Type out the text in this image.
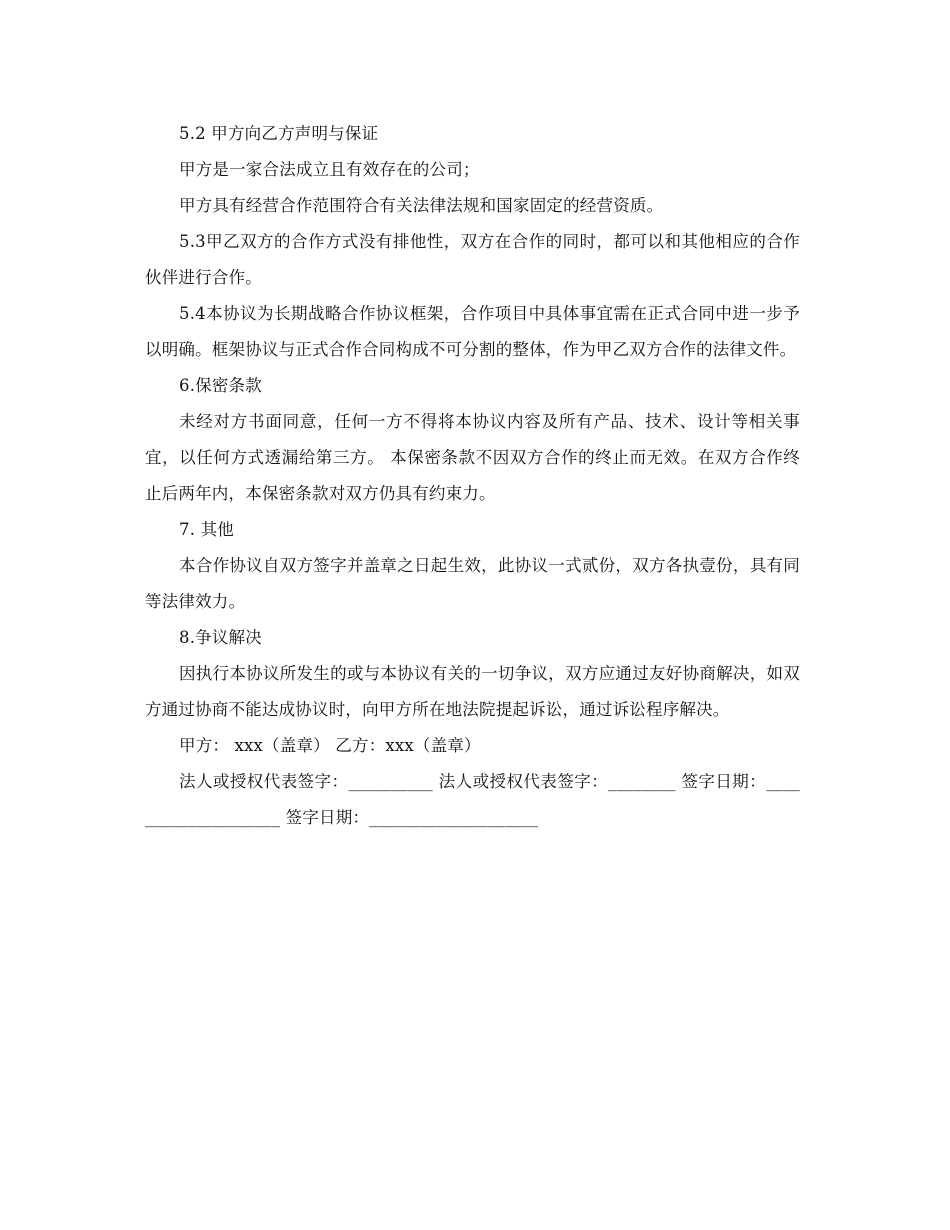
5.2 甲方向乙方声明与保证

甲方是一家合法成立且有效存在的公司；

甲方具有经营合作范围符合有关法律法规和国家固定的经营资质。

5.3甲乙双方的合作方式没有排他性，双方在合作的同时，都可以和其他相应的合作伙伴进行合作。

5.4本协议为长期战略合作协议框架，合作项目中具体事宜需在正式合同中进一步予以明确。框架协议与正式合作合同构成不可分割的整体，作为甲乙双方合作的法律文件。

6.保密条款

未经对方书面同意，任何一方不得将本协议内容及所有产品、技术、设计等相关事宜，以任何方式透漏给第三方。 本保密条款不因双方合作的终止而无效。在双方合作终止后两年内，本保密条款对双方仍具有约束力。

7. 其他

本合作协议自双方签字并盖章之日起生效，此协议一式贰份，双方各执壹份，具有同等法律效力。

8.争议解决

因执行本协议所发生的或与本协议有关的一切争议，双方应通过友好协商解决，如双方通过协商不能达成协议时，向甲方所在地法院提起诉讼，通过诉讼程序解决。

甲方： xxx（盖章） 乙方：xxx（盖章）

法人或授权代表签字：__________ 法人或授权代表签字：________ 签字日期：____________________ 签字日期：____________________
